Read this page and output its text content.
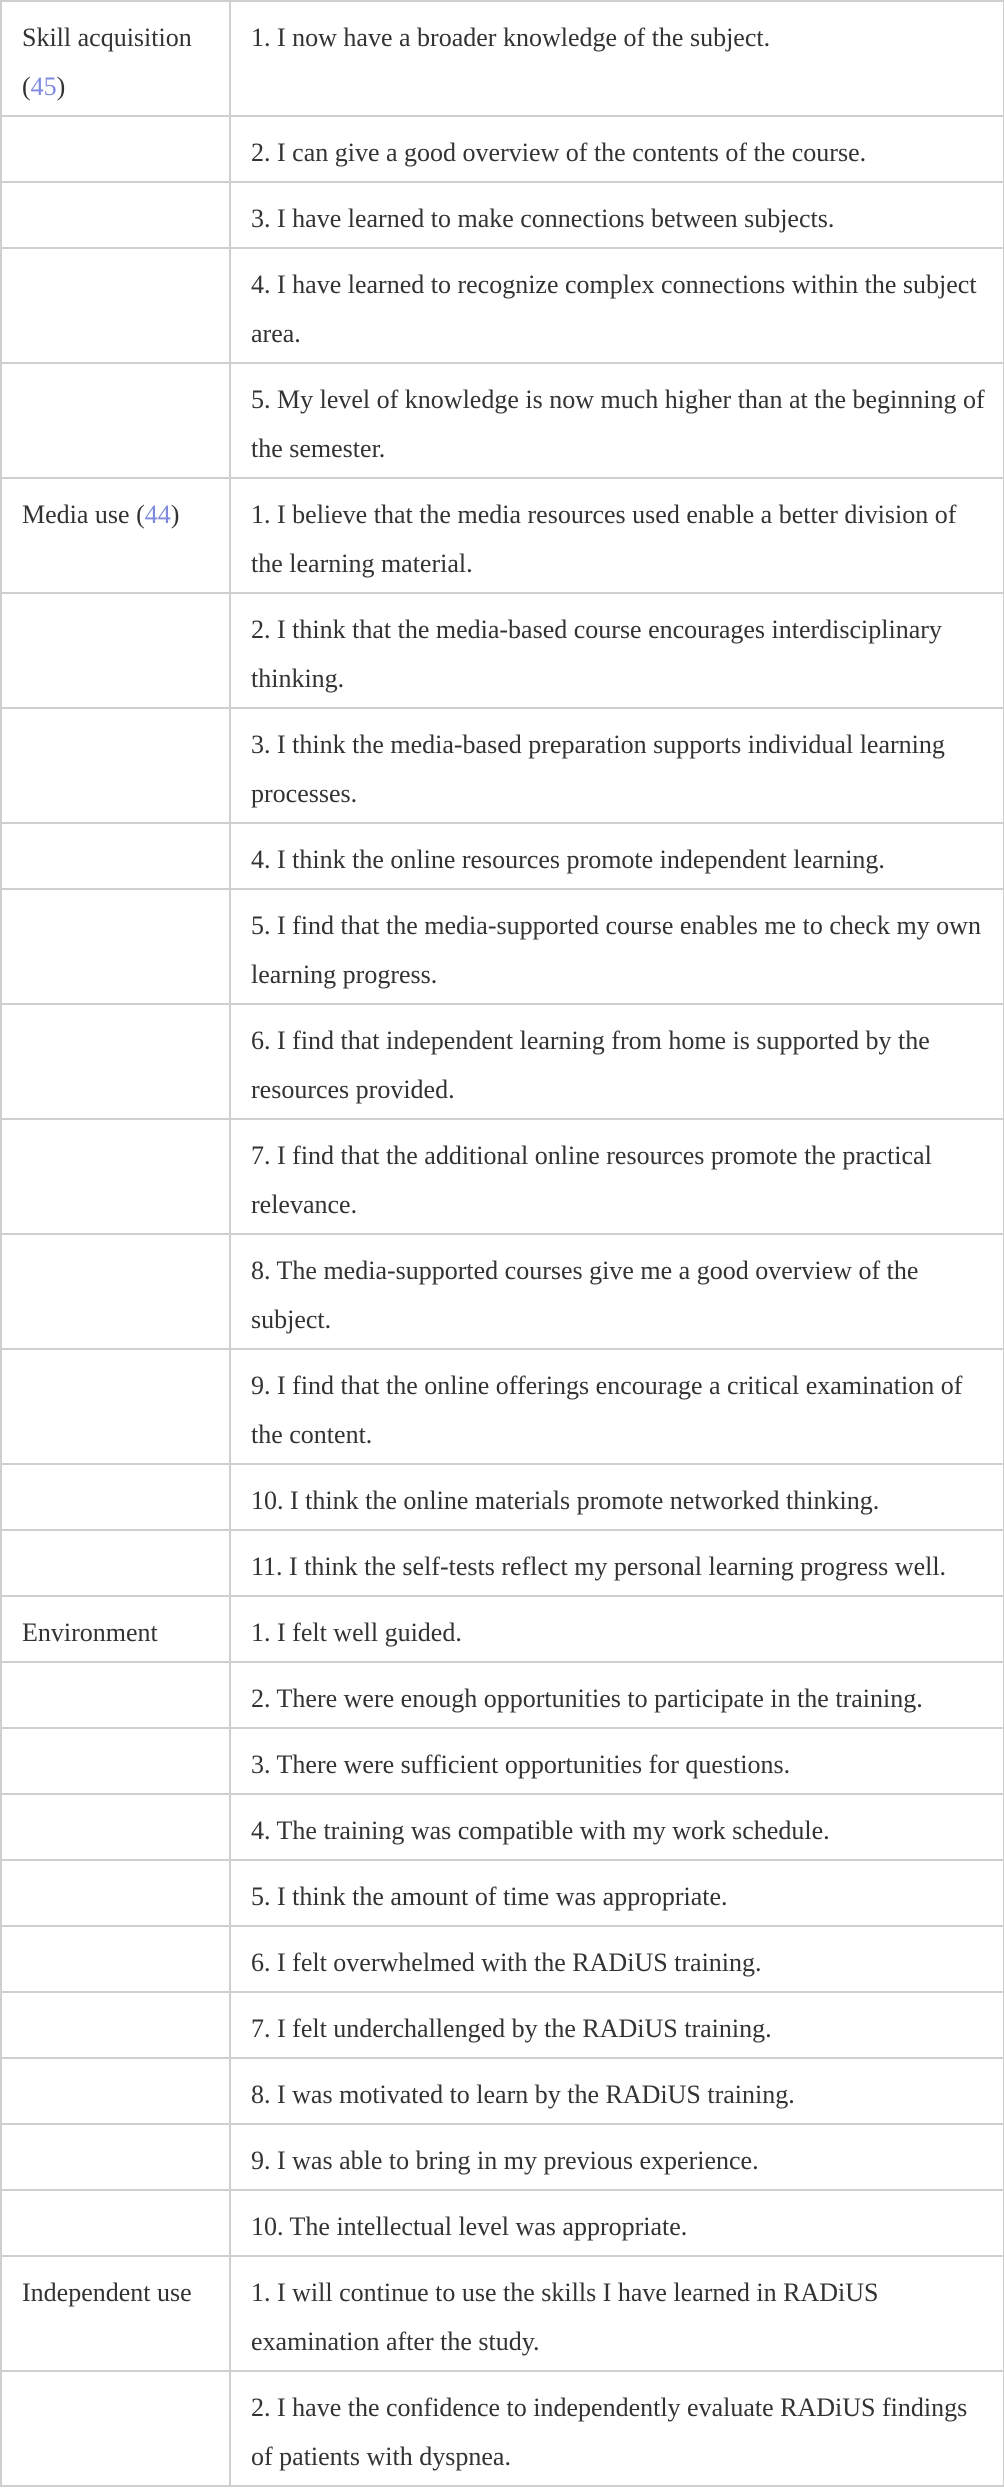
Skill acquisition (45)	1. I now have a broader knowledge of the subject.
	2. I can give a good overview of the contents of the course.
	3. I have learned to make connections between subjects.
	4. I have learned to recognize complex connections within the subject area.
	5. My level of knowledge is now much higher than at the beginning of the semester.
Media use (44)	1. I believe that the media resources used enable a better division of the learning material.
	2. I think that the media-based course encourages interdisciplinary thinking.
	3. I think the media-based preparation supports individual learning processes.
	4. I think the online resources promote independent learning.
	5. I find that the media-supported course enables me to check my own learning progress.
	6. I find that independent learning from home is supported by the resources provided.
	7. I find that the additional online resources promote the practical relevance.
	8. The media-supported courses give me a good overview of the subject.
	9. I find that the online offerings encourage a critical examination of the content.
	10. I think the online materials promote networked thinking.
	11. I think the self-tests reflect my personal learning progress well.
Environment	1. I felt well guided.
	2. There were enough opportunities to participate in the training.
	3. There were sufficient opportunities for questions.
	4. The training was compatible with my work schedule.
	5. I think the amount of time was appropriate.
	6. I felt overwhelmed with the RADiUS training.
	7. I felt underchallenged by the RADiUS training.
	8. I was motivated to learn by the RADiUS training.
	9. I was able to bring in my previous experience.
	10. The intellectual level was appropriate.
Independent use	1. I will continue to use the skills I have learned in RADiUS examination after the study.
	2. I have the confidence to independently evaluate RADiUS findings of patients with dyspnea.
